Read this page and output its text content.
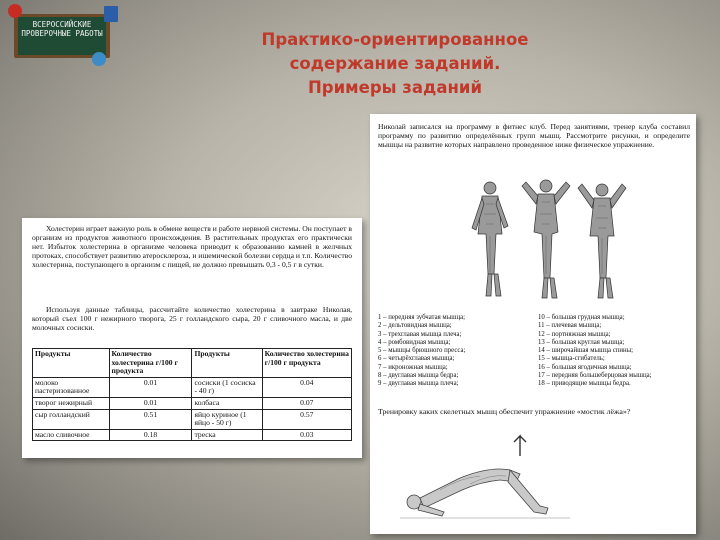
ВСЕРОССИЙСКИЕ ПРОВЕРОЧНЫЕ РАБОТЫ	Практико-ориентированное
содержание заданий.
Примеры заданий
Холестерин играет важную роль в обмене веществ и работе нервной системы. Он поступает в организм из продуктов животного происхождения. В растительных продуктах его практически нет. Избыток холестерина в организме человека приводит к образованию камней в желчных протоках, способствует развитию атеросклероза, и ишемической болезни сердца и т.п. Количество холестерина, поступающего в организм с пищей, не должно превышать 0,3 - 0,5 г в сутки.
Используя данные таблицы, рассчитайте количество холестерина в завтраке Николая, который съел 100 г нежирного творога, 25 г голландского сыра, 20 г сливочного масла, и две молочных сосиски.
Продукты	Количество холестерина г/100 г продукта	Продукты	Количество холестерина г/100 г продукта
молоко пастеризованное	0.01	сосиски (1 сосиска - 40 г)	0.04
творог нежирный	0.01	колбаса	0.07
сыр голландский	0.51	яйцо куриное (1 яйцо - 50 г)	0.57
масло сливочное	0.18	треска	0.03
Николай записался на программу в фитнес клуб. Перед занятиями, тренер клуба составил программу по развитию определённых групп мышц. Рассмотрите рисунки, и определите мышцы на развитие которых направлено проведенное ниже физическое упражнение.
1 – передняя зубчатая мышца;	10 – большая грудная мышца;
2 – дельтовидная мышца;	11 – плечевая мышца;
3 – трехглавая мышца плеча;	12 – портняжная мышца;
4 – ромбовидная мышца;	13 – большая круглая мышца;
5 – мышцы брюшного пресса;	14 – широчайшая мышца спины;
6 – четырёхглавая мышца;	15 – мышца-сгибатель;
7 – икроножная мышца;	16 – большая ягодичная мышца;
8 – двуглавая мышца бедра;	17 – передняя большеберцовая мышца;
9 – двуглавая мышца плеча;	18 – приводящие мышцы бедра.
Тренировку каких скелетных мышц обеспечит упражнение «мостик лёжа»?
